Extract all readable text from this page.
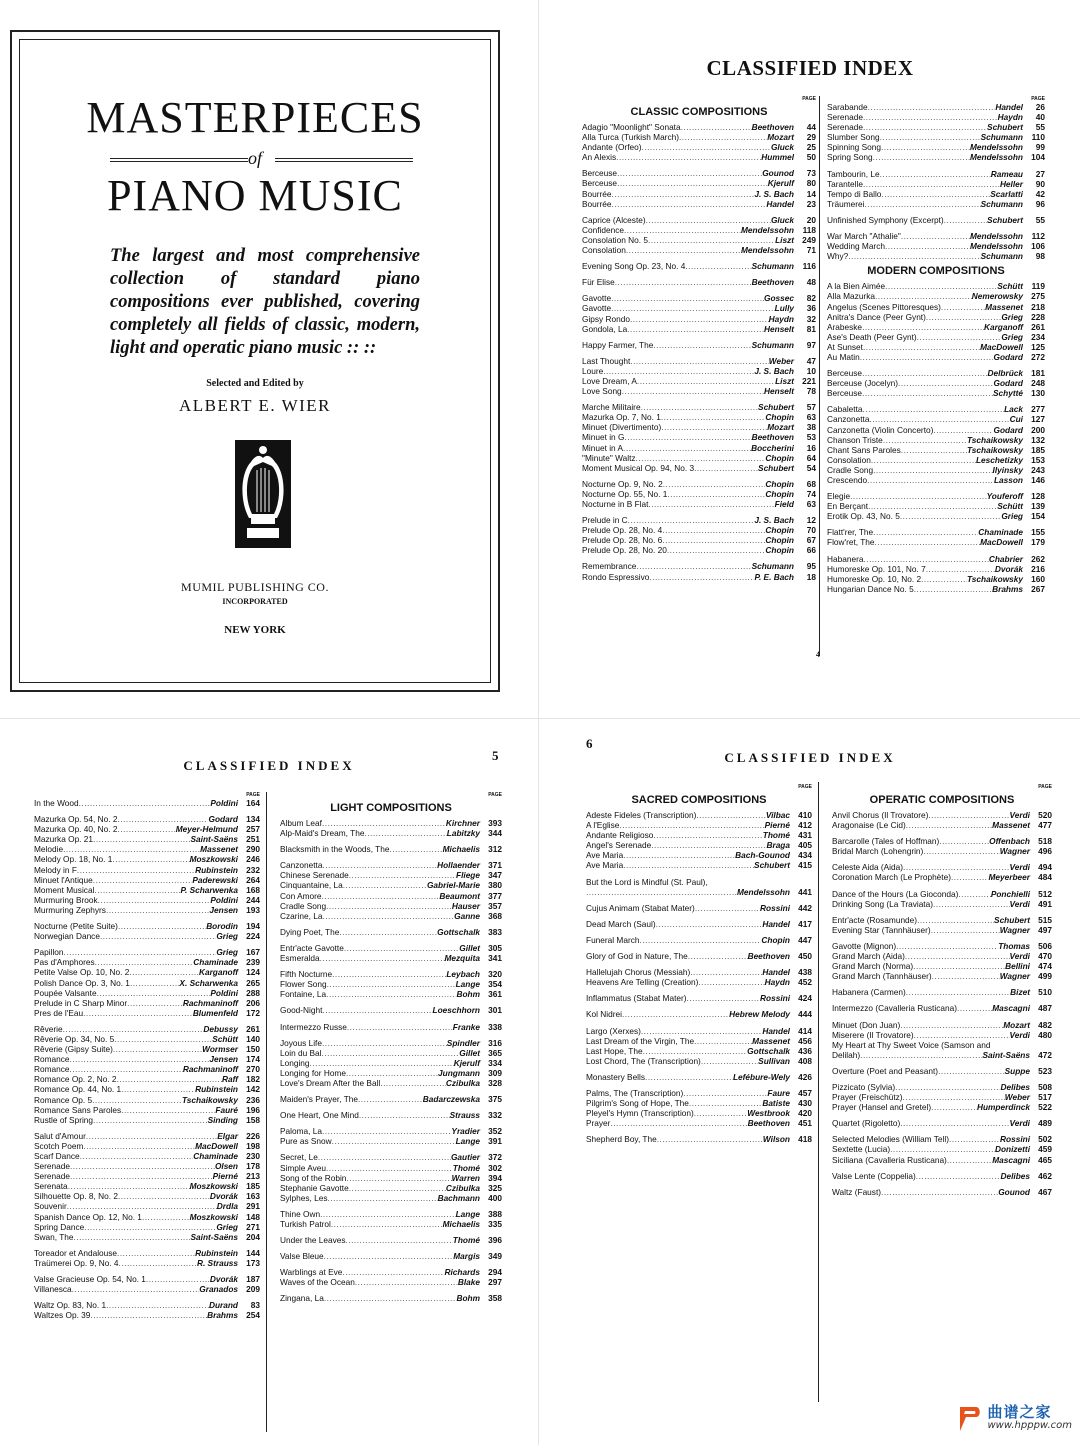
MASTERPIECES
of
PIANO MUSIC
The largest and most comprehensive collection of standard piano compositions ever published, covering completely all fields of classic, modern, light and operatic piano music :: ::
Selected and Edited by
ALBERT E. WIER
MUMIL PUBLISHING CO.
INCORPORATED
NEW YORK
CLASSIFIED INDEX
PAGE
CLASSIC COMPOSITIONS
Adagio "Moonlight" Sonata .....	Beethoven	44
Alla Turca (Turkish March) .....	Mozart	29
Andante (Orfeo) .....	Gluck	25
An Alexis .....	Hummel	50
Berceuse .....	Gounod	73
Berceuse .....	Kjerulf	80
Bourrée .....	J. S. Bach	14
Bourrée .....	Handel	23
Caprice (Alceste) .....	Gluck	20
Confidence .....	Mendelssohn	118
Consolation No. 5 .....	Liszt 249
Consolation .....	Mendelssohn	71
Evening Song Op. 23, No. 4 .....	Schumann	116
Für Elise .....	Beethoven	48
Gavotte .....	Gossec	82
Gavotte .....	Lully	36
Gipsy Rondo .....	Haydn	32
Gondola, La .....	Henselt	81
Happy Farmer, The .....	Schumann	97
Last Thought .....	Weber	47
Loure .....	J. S. Bach	10
Love Dream, A .....	Liszt 221
Love Song .....	Henselt	78
Marche Militaire .....	Schubert	57
Mazurka Op. 7, No. 1 .....	Chopin	63
Minuet (Divertimento) .....	Mozart	38
Minuet in G .....	Beethoven	53
Minuet in A .....	Boccherini	16
"Minute" Waltz .....	Chopin	64
Moment Musical Op. 94, No. 3 .....	Schubert	54
Nocturne Op. 9, No. 2 .....	Chopin	68
Nocturne Op. 55, No. 1 .....	Chopin	74
Nocturne in B Flat .....	Field	63
Prelude in C .....	J. S. Bach	12
Prelude Op. 28, No. 4 .....	Chopin	70
Prelude Op. 28, No. 6 .....	Chopin	67
Prelude Op. 28, No. 20 .....	Chopin	66
Remembrance .....	Schumann	95
Rondo Espressivo .....	P. E. Bach	18
PAGE
Sarabande .....	Handel	26
Serenade .....	Haydn	40
Serenade .....	Schubert	55
Slumber Song .....	Schumann	110
Spinning Song .....	Mendelssohn	99
Spring Song .....	Mendelssohn 104
Tambourin, Le .....	Rameau	27
Tarantelle .....	Heller	90
Tempo di Ballo .....	Scarlatti	42
Träumerei .....	Schumann	96
Unfinished Symphony (Excerpt) .....	Schubert	55
War March "Athalie" .....	Mendelssohn	112
Wedding March .....	Mendelssohn 106
Why? .....	Schumann	98
MODERN COMPOSITIONS
A la Bien Aimée .....	Schütt	119
Alla Mazurka .....	Nemerowsky 275
Angelus (Scenes Pittoresques) .....	Massenet 218
Anitra's Dance (Peer Gynt) .....	Grieg 228
Arabeske .....	Karganoff 261
Ase's Death (Peer Gynt) .....	Grieg 234
At Sunset .....	MacDowell 125
Au Matin .....	Godard 272
Berceuse .....	Delbrück 181
Berceuse (Jocelyn) .....	Godard 248
Berceuse .....	Schytté 130
Cabaletta .....	Lack 277
Canzonetta .....	Cui 127
Canzonetta (Violin Concerto) .....	Godard 200
Chanson Triste .....	Tschaikowsky 132
Chant Sans Paroles .....	Tschaikowsky 185
Consolation .....	Leschetizky 153
Cradle Song .....	Ilyinsky 243
Crescendo .....	Lasson 146
Elegie .....	Youferoff 128
En Berçant .....	Schütt 139
Erotik Op. 43, No. 5 .....	Grieg 154
Flatt'rer, The .....	Chaminade 155
Flow'ret, The .....	MacDowell 179
Habanera .....	Chabrier 262
Humoreske Op. 101, No. 7 .....	Dvorák 216
Humoreske Op. 10, No. 2 .....	Tschaikowsky 160
Hungarian Dance No. 5 .....	Brahms 267
4
CLASSIFIED INDEX
5
PAGE
In the Wood .....	Poldini 164
Mazurka Op. 54, No. 2 .....	Godard 134
Mazurka Op. 40, No. 2 .....	Meyer-Helmund 257
Mazurka Op. 21 .....	Saint-Saëns 251
Melodie .....	Massenet 290
Melody Op. 18, No. 1 .....	Moszkowski 246
Melody in F .....	Rubinstein 232
Minuet l'Antique .....	Paderewski 264
Moment Musical .....	P. Scharwenka 168
Murmuring Brook .....	Poldini 244
Murmuring Zephyrs .....	Jensen 193
Nocturne (Petite Suite) .....	Borodin 194
Norwegian Dance .....	Grieg 224
Papillon .....	Grieg 167
Pas d'Amphores .....	Chaminade 239
Petite Valse Op. 10, No. 2 .....	Karganoff 124
Polish Dance Op. 3, No. 1 .....	X. Scharwenka 265
Poupée Valsante .....	Poldini 288
Prelude in C Sharp Minor .....	Rachmaninoff 206
Pres de l'Eau .....	Blumenfeld 172
Rêverie .....	Debussy 261
Rêverie Op. 34, No. 5 .....	Schütt 140
Rêverie (Gipsy Suite) .....	Wormser 150
Romance .....	Jensen 174
Romance .....	Rachmaninoff 270
Romance Op. 2, No. 2 .....	Raff 182
Romance Op. 44, No. 1 .....	Rubinstein 142
Romance Op. 5 .....	Tschaikowsky 236
Romance Sans Paroles .....	Fauré 196
Rustle of Spring .....	Sinding 158
Salut d'Amour .....	Elgar 226
Scotch Poem .....	MacDowell 198
Scarf Dance .....	Chaminade 230
Serenade .....	Olsen 178
Serenade .....	Pierné 213
Serenata .....	Moszkowski 185
Silhouette Op. 8, No. 2 .....	Dvorák 163
Souvenir .....	Drdla 291
Spanish Dance Op. 12, No. 1 .....	Moszkowski 148
Spring Dance .....	Grieg 271
Swan, The .....	Saint-Saëns 204
Toreador et Andalouse .....	Rubinstein 144
Traümerei Op. 9, No. 4 .....	R. Strauss 173
Valse Gracieuse Op. 54, No. 1 .....	Dvorák 187
Villanesca .....	Granados 209
Waltz Op. 83, No. 1 .....	Durand	83
Waltzes Op. 39 .....	Brahms 254
PAGE
LIGHT COMPOSITIONS
Album Leaf .....	Kirchner 393
Alp-Maid's Dream, The .....	Labitzky 344
Blacksmith in the Woods, The .....	Michaelis 312
Canzonetta .....	Hollaender 371
Chinese Serenade .....	Fliege 347
Cinquantaine, La .....	Gabriel-Marie 380
Con Amore .....	Beaumont 377
Cradle Song .....	Hauser 357
Czarine, La .....	Ganne 368
Dying Poet, The .....	Gottschalk 383
Entr'acte Gavotte .....	Gillet 305
Esmeralda .....	Mezquita 341
Fifth Nocturne .....	Leybach 320
Flower Song .....	Lange 354
Fontaine, La .....	Bohm 361
Good-Night .....	Loeschhorn 301
Intermezzo Russe .....	Franke 338
Joyous Life .....	Spindler 316
Loin du Bal .....	Gillet 365
Longing .....	Kjerulf 334
Longing for Home .....	Jungmann 309
Love's Dream After the Ball .....	Czibulka 328
Maiden's Prayer, The .....	Badarczewska 375
One Heart, One Mind .....	Strauss 332
Paloma, La .....	Yradier 352
Pure as Snow .....	Lange 391
Secret, Le .....	Gautier 372
Simple Aveu .....	Thomé 302
Song of the Robin .....	Warren 394
Stephanie Gavotte .....	Czibulka 325
Sylphes, Les .....	Bachmann 400
Thine Own .....	Lange 388
Turkish Patrol .....	Michaelis 335
Under the Leaves .....	Thomé 396
Valse Bleue .....	Margis 349
Warblings at Eve .....	Richards 294
Waves of the Ocean .....	Blake 297
Zingana, La .....	Bohm 358
6
CLASSIFIED INDEX
PAGE
SACRED COMPOSITIONS
Adeste Fideles (Transcription) .....	Vilbac 410
A l'Eglise .....	Pierné 412
Andante Religioso .....	Thomé 431
Angel's Serenade .....	Braga 405
Ave Maria .....	Bach-Gounod 434
Ave Maria .....	Schubert 415
But the Lord is Mindful (St. Paul),
.....
Mendelssohn 441
Cujus Animam (Stabat Mater) .....	Rossini 442
Dead March (Saul) .....	Handel 417
Funeral March .....	Chopin 447
Glory of God in Nature, The .....	Beethoven 450
Hallelujah Chorus (Messiah) .....	Handel 438
Heavens Are Telling (Creation) .....	Haydn 452
Inflammatus (Stabat Mater) .....	Rossini 424
Kol Nidrei .....	Hebrew Melody 444
Largo (Xerxes) .....	Handel 414
Last Dream of the Virgin, The .....	Massenet 456
Last Hope, The .....	Gottschalk 436
Lost Chord, The (Transcription) .....	Sullivan 408
Monastery Bells .....	Lefébure-Wely 426
Palms, The (Transcription) .....	Faure 457
Pilgrim's Song of Hope, The .....	Batiste 430
Pleyel's Hymn (Transcription) .....	Westbrook 420
Prayer .....	Beethoven 451
Shepherd Boy, The .....	Wilson 418
PAGE
OPERATIC COMPOSITIONS
Anvil Chorus (Il Trovatore) .....	Verdi 520
Aragonaise (Le Cid) .....	Massenet 477
Barcarolle (Tales of Hoffman) .....	Offenbach 518
Bridal March (Lohengrin) .....	Wagner 496
Celeste Aida (Aida) .....	Verdi 494
Coronation March (Le Prophète) .....	Meyerbeer 484
Dance of the Hours (La Gioconda) .....	Ponchielli 512
Drinking Song (La Traviata) .....	Verdi 491
Entr'acte (Rosamunde) .....	Schubert 515
Evening Star (Tannhäuser) .....	Wagner 497
Gavotte (Mignon) .....	Thomas 506
Grand March (Aida) .....	Verdi 470
Grand March (Norma) .....	Bellini 474
Grand March (Tannhäuser) .....	Wagner 499
Habanera (Carmen) .....	Bizet 510
Intermezzo (Cavalleria Rusticana) .....	Mascagni 487
Minuet (Don Juan) .....	Mozart 482
Miserere (Il Trovatore) .....	Verdi 480
My Heart at Thy Sweet Voice (Samson and
Delilah) .....	Saint-Saëns 472
Overture (Poet and Peasant) .....	Suppe 523
Pizzicato (Sylvia) .....	Delibes 508
Prayer (Freischütz) .....	Weber 517
Prayer (Hansel and Gretel) .....	Humperdinck 522
Quartet (Rigoletto) .....	Verdi 489
Selected Melodies (William Tell) .....	Rossini 502
Sextette (Lucia) .....	Donizetti 459
Siciliana (Cavalleria Rusticana) .....	Mascagni 465
Valse Lente (Coppelia) .....	Delibes 462
Waltz (Faust) .....	Gounod 467

曲谱之家
www.hpppw.com
